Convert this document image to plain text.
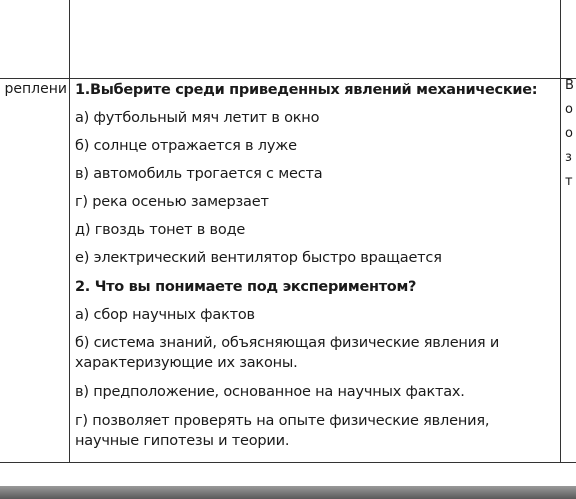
реплени	В
о
о
з
т
1.Выберите среди приведенных явлений механические:
а) футбольный мяч летит в окно
б) солнце отражается в луже
в) автомобиль трогается с места
г) река осенью замерзает
д) гвоздь тонет в воде
е) электрический вентилятор быстро вращается
2. Что вы понимаете под экспериментом?
а) сбор научных фактов
б) система знаний, объясняющая физические явления и
характеризующие их законы.
в) предположение, основанное на научных фактах.
г) позволяет проверять на опыте физические явления,
научные гипотезы и теории.
